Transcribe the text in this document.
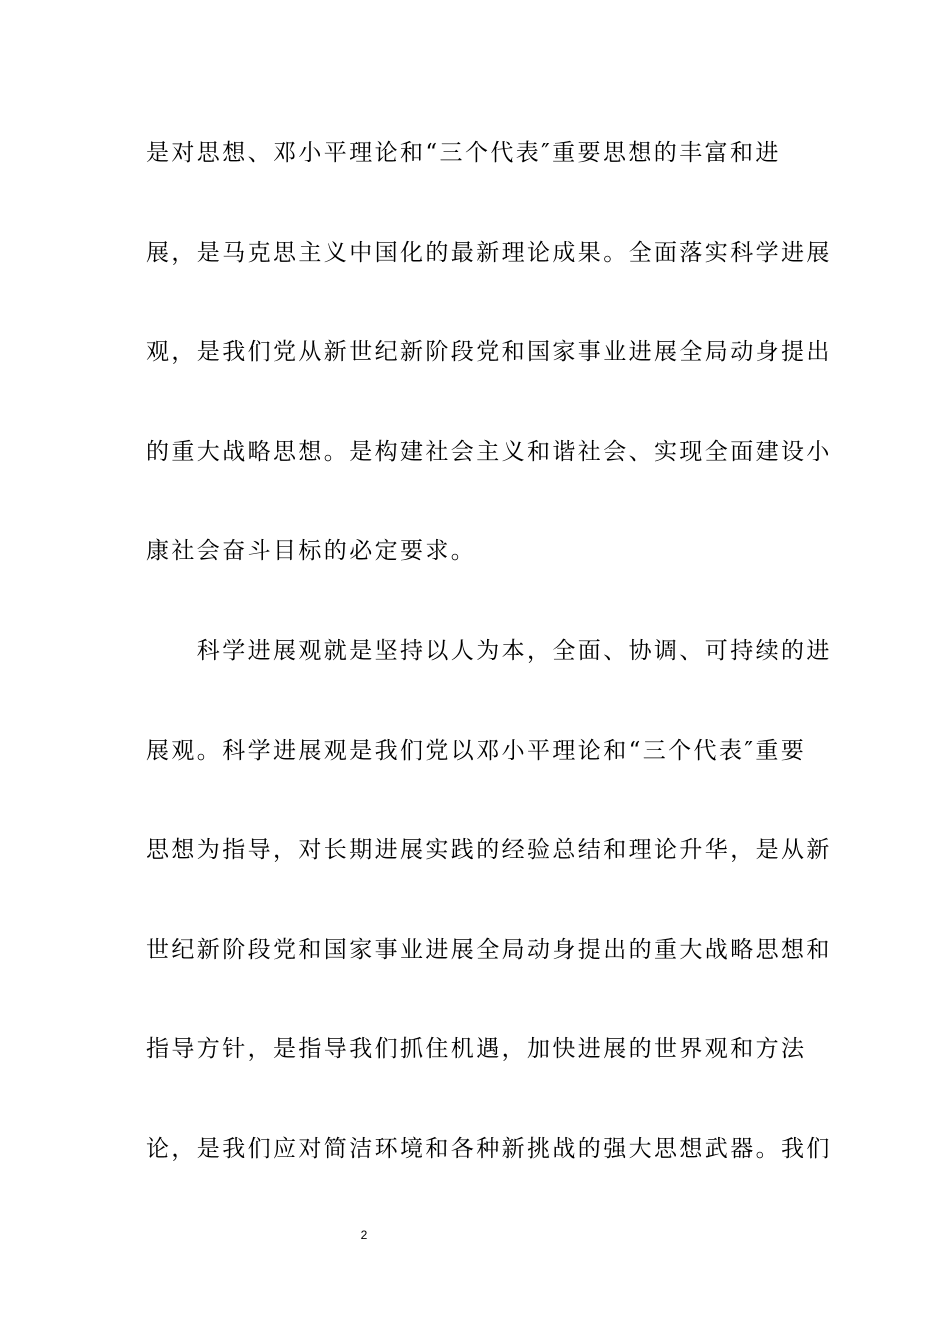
是对思想、邓小平理论和“三个代表″重要思想的丰富和进
展，是马克思主义中国化的最新理论成果。全面落实科学进展
观，是我们党从新世纪新阶段党和国家事业进展全局动身提出
的重大战略思想。是构建社会主义和谐社会、实现全面建设小
康社会奋斗目标的必定要求。
　　科学进展观就是坚持以人为本，全面、协调、可持续的进
展观。科学进展观是我们党以邓小平理论和“三个代表″重要
思想为指导，对长期进展实践的经验总结和理论升华，是从新
世纪新阶段党和国家事业进展全局动身提出的重大战略思想和
指导方针，是指导我们抓住机遇，加快进展的世界观和方法
论，是我们应对简洁环境和各种新挑战的强大思想武器。我们
2
